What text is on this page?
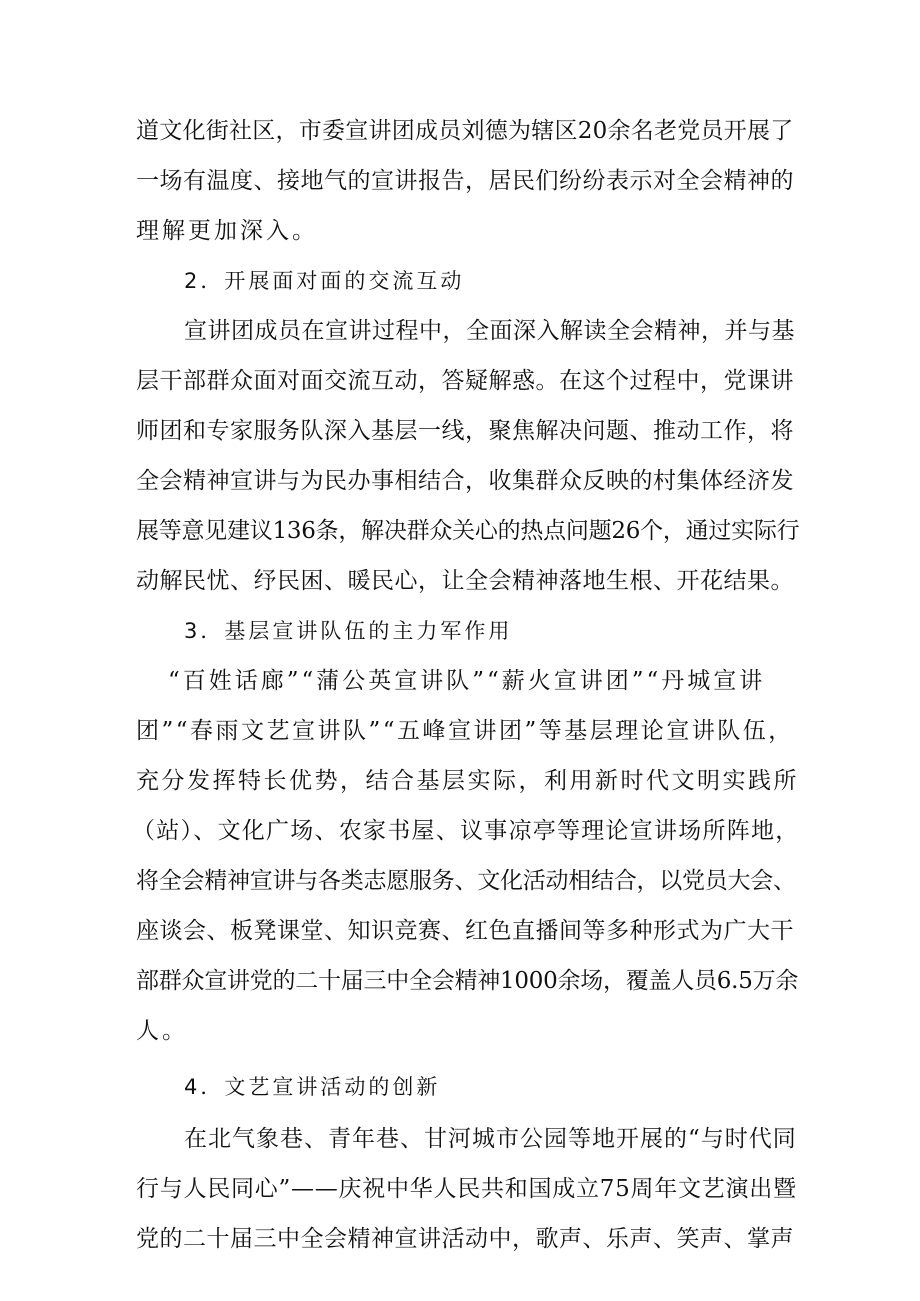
道文化街社区，市委宣讲团成员刘德为辖区20余名老党员开展了
一场有温度、接地气的宣讲报告，居民们纷纷表示对全会精神的
理解更加深入。
2．开展面对面的交流互动
宣讲团成员在宣讲过程中，全面深入解读全会精神，并与基
层干部群众面对面交流互动，答疑解惑。在这个过程中，党课讲
师团和专家服务队深入基层一线，聚焦解决问题、推动工作，将
全会精神宣讲与为民办事相结合，收集群众反映的村集体经济发
展等意见建议136条，解决群众关心的热点问题26个，通过实际行
动解民忧、纾民困、暖民心，让全会精神落地生根、开花结果。
3．基层宣讲队伍的主力军作用
“百姓话廊”“蒲公英宣讲队”“薪火宣讲团”“丹城宣讲
团”“春雨文艺宣讲队”“五峰宣讲团”等基层理论宣讲队伍，
充分发挥特长优势，结合基层实际，利用新时代文明实践所
（站）、文化广场、农家书屋、议事凉亭等理论宣讲场所阵地，
将全会精神宣讲与各类志愿服务、文化活动相结合，以党员大会、
座谈会、板凳课堂、知识竞赛、红色直播间等多种形式为广大干
部群众宣讲党的二十届三中全会精神1000余场，覆盖人员6.5万余
人。
4．文艺宣讲活动的创新
在北气象巷、青年巷、甘河城市公园等地开展的“与时代同
行与人民同心”——庆祝中华人民共和国成立75周年文艺演出暨
党的二十届三中全会精神宣讲活动中，歌声、乐声、笑声、掌声
